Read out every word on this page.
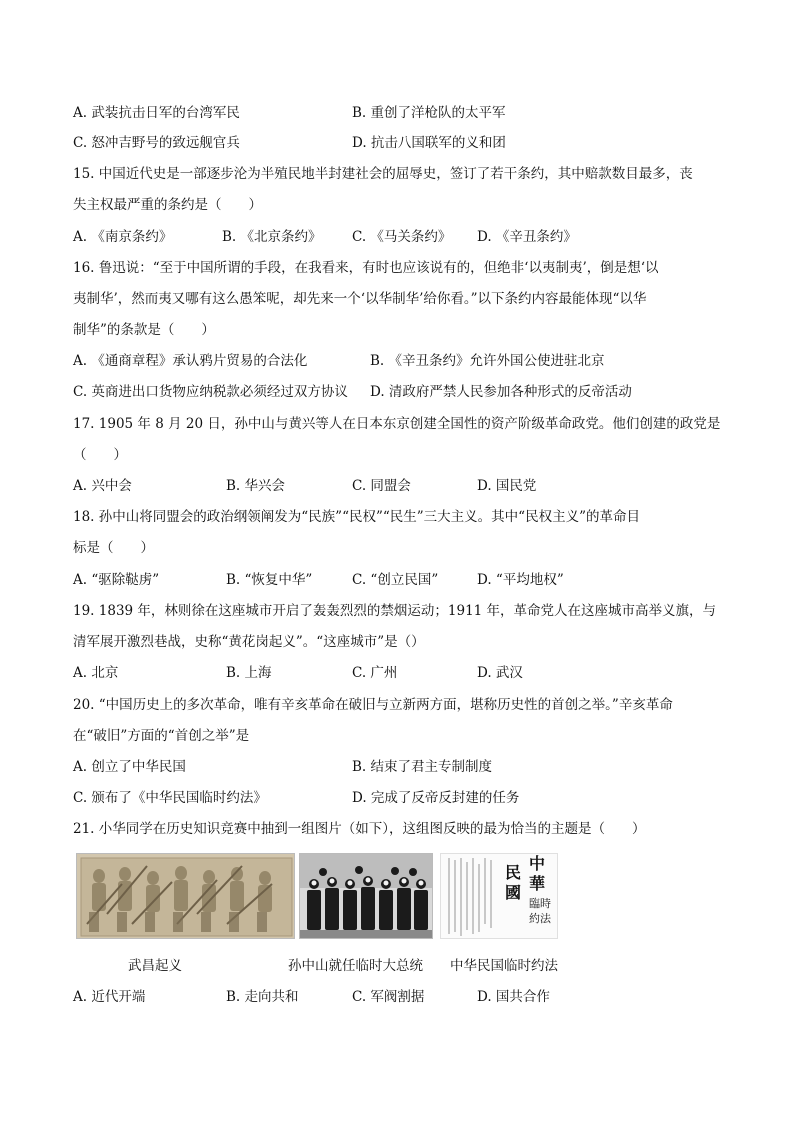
A. 武装抗击日军的台湾军民	B. 重创了洋枪队的太平军
C. 怒冲吉野号的致远舰官兵	D. 抗击八国联军的义和团
15. 中国近代史是一部逐步沦为半殖民地半封建社会的屈辱史，签订了若干条约，其中赔款数目最多，丧
失主权最严重的条约是（　　）
A. 《南京条约》	B. 《北京条约》 C. 《马关条约》 D. 《辛丑条约》
16. 鲁迅说：“至于中国所谓的手段，在我看来，有时也应该说有的，但绝非‘以夷制夷’，倒是想‘以
夷制华’，然而夷又哪有这么愚笨呢，却先来一个‘以华制华’给你看。”以下条约内容最能体现“以华
制华”的条款是（　　）
A. 《通商章程》承认鸦片贸易的合法化	B. 《辛丑条约》允许外国公使进驻北京
C. 英商进出口货物应纳税款必须经过双方协议 D. 清政府严禁人民参加各种形式的反帝活动
17. 1905 年 8 月 20 日，孙中山与黄兴等人在日本东京创建全国性的资产阶级革命政党。他们创建的政党是
（　　）
A. 兴中会	B. 华兴会	C. 同盟会	D. 国民党
18. 孙中山将同盟会的政治纲领阐发为“民族”“民权”“民生”三大主义。其中“民权主义”的革命目
标是（　　）
A. “驱除鞑虏”	B. “恢复中华”	C. “创立民国”	D. “平均地权”
19. 1839 年，林则徐在这座城市开启了轰轰烈烈的禁烟运动；1911 年，革命党人在这座城市高举义旗，与
清军展开激烈巷战，史称“黄花岗起义”。“这座城市”是（）
A. 北京	B. 上海	C. 广州	D. 武汉
20. “中国历史上的多次革命，唯有辛亥革命在破旧与立新两方面，堪称历史性的首创之举。”辛亥革命
在“破旧”方面的“首创之举”是
A. 创立了中华民国	B. 结束了君主专制制度
C. 颁布了《中华民国临时约法》	D. 完成了反帝反封建的任务
21. 小华同学在历史知识竞赛中抽到一组图片（如下），这组图反映的最为恰当的主题是（　　）
民 中
國 華
臨時
約法
武昌起义	孙中山就任临时大总统 中华民国临时约法
A. 近代开端	B. 走向共和	C. 军阀割据	D. 国共合作
